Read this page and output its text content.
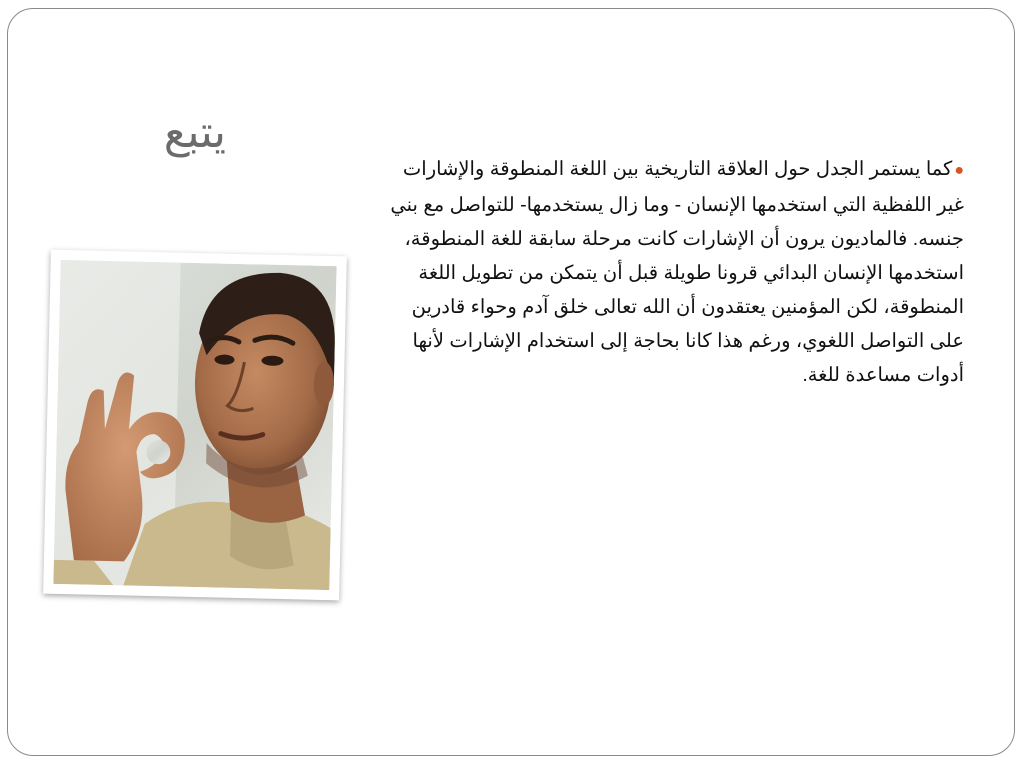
يتبع
●كما يستمر الجدل حول العلاقة التاريخية بين اللغة المنطوقة والإشارات غير اللفظية التي استخدمها الإنسان - وما زال يستخدمها- للتواصل مع بني جنسه. فالماديون يرون أن الإشارات كانت مرحلة سابقة للغة المنطوقة، استخدمها الإنسان البدائي قرونا طويلة قبل أن يتمكن من تطويل اللغة المنطوقة، لكن المؤمنين يعتقدون أن الله تعالى خلق آدم وحواء قادرين على التواصل اللغوي، ورغم هذا كانا بحاجة إلى استخدام الإشارات لأنها أدوات مساعدة للغة.
